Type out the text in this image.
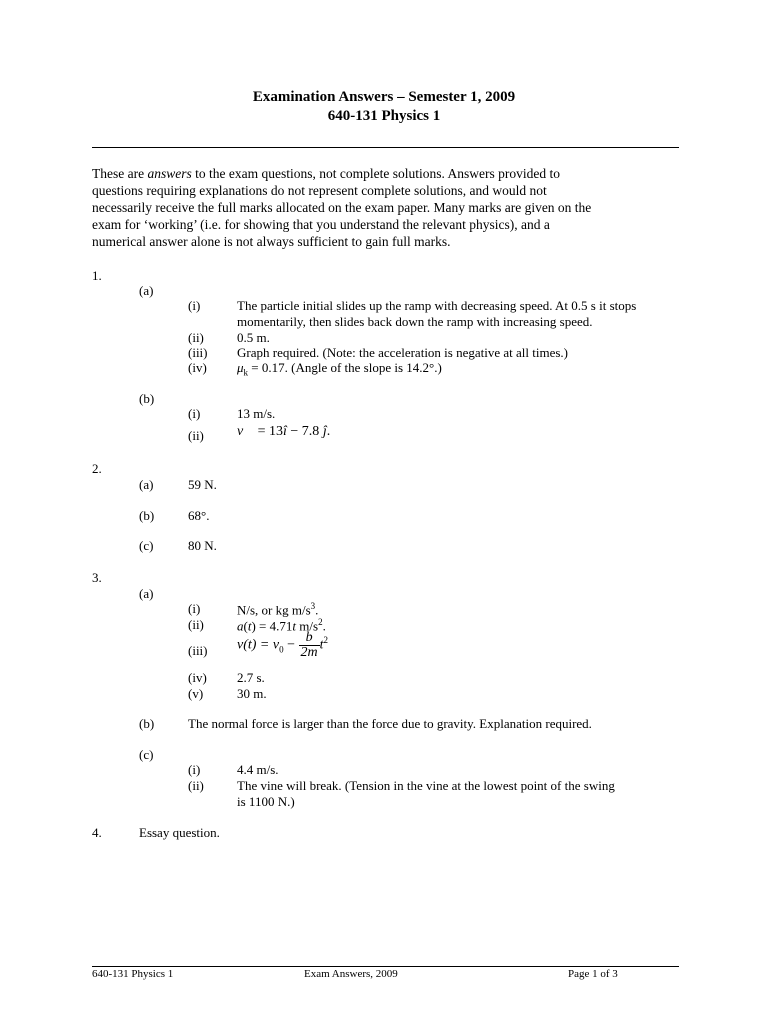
Examination Answers – Semester 1, 2009
640-131 Physics 1
These are answers to the exam questions, not complete solutions. Answers provided to
questions requiring explanations do not represent complete solutions, and would not
necessarily receive the full marks allocated on the exam paper. Many marks are given on the
exam for ‘working’ (i.e. for showing that you understand the relevant physics), and a
numerical answer alone is not always sufficient to gain full marks.
1.
(a)
(i)	The particle initial slides up the ramp with decreasing speed. At 0.5 s it stops
momentarily, then slides back down the ramp with increasing speed.
(ii)	0.5 m.
(iii) Graph required. (Note: the acceleration is negative at all times.)
(iv) $\mu_k = 0.17$. (Angle of the slope is 14.2°.)
(b)
(i)	13 m/s.
(ii) v⃗ = 13î − 7.8 ĵ.
2.
(a)	59 N.
(b)	68°.
(c)	80 N.
3.
(a)
(i)	N/s, or kg $m/s^3$.
(ii)	a(t) = 4.71t $m/s^2$.
(iii) $v(t) = v_0 - \frac{b}{2m} t^2$
(iv) 2.7 s.
(v)	30 m.
(b)	The normal force is larger than the force due to gravity. Explanation required.
(c)
(i)	4.4 m/s.
(ii)	The vine will break. (Tension in the vine at the lowest point of the swing
is 1100 N.)
4.	Essay question.
640-131 Physics 1	Exam Answers, 2009	Page 1 of 3
